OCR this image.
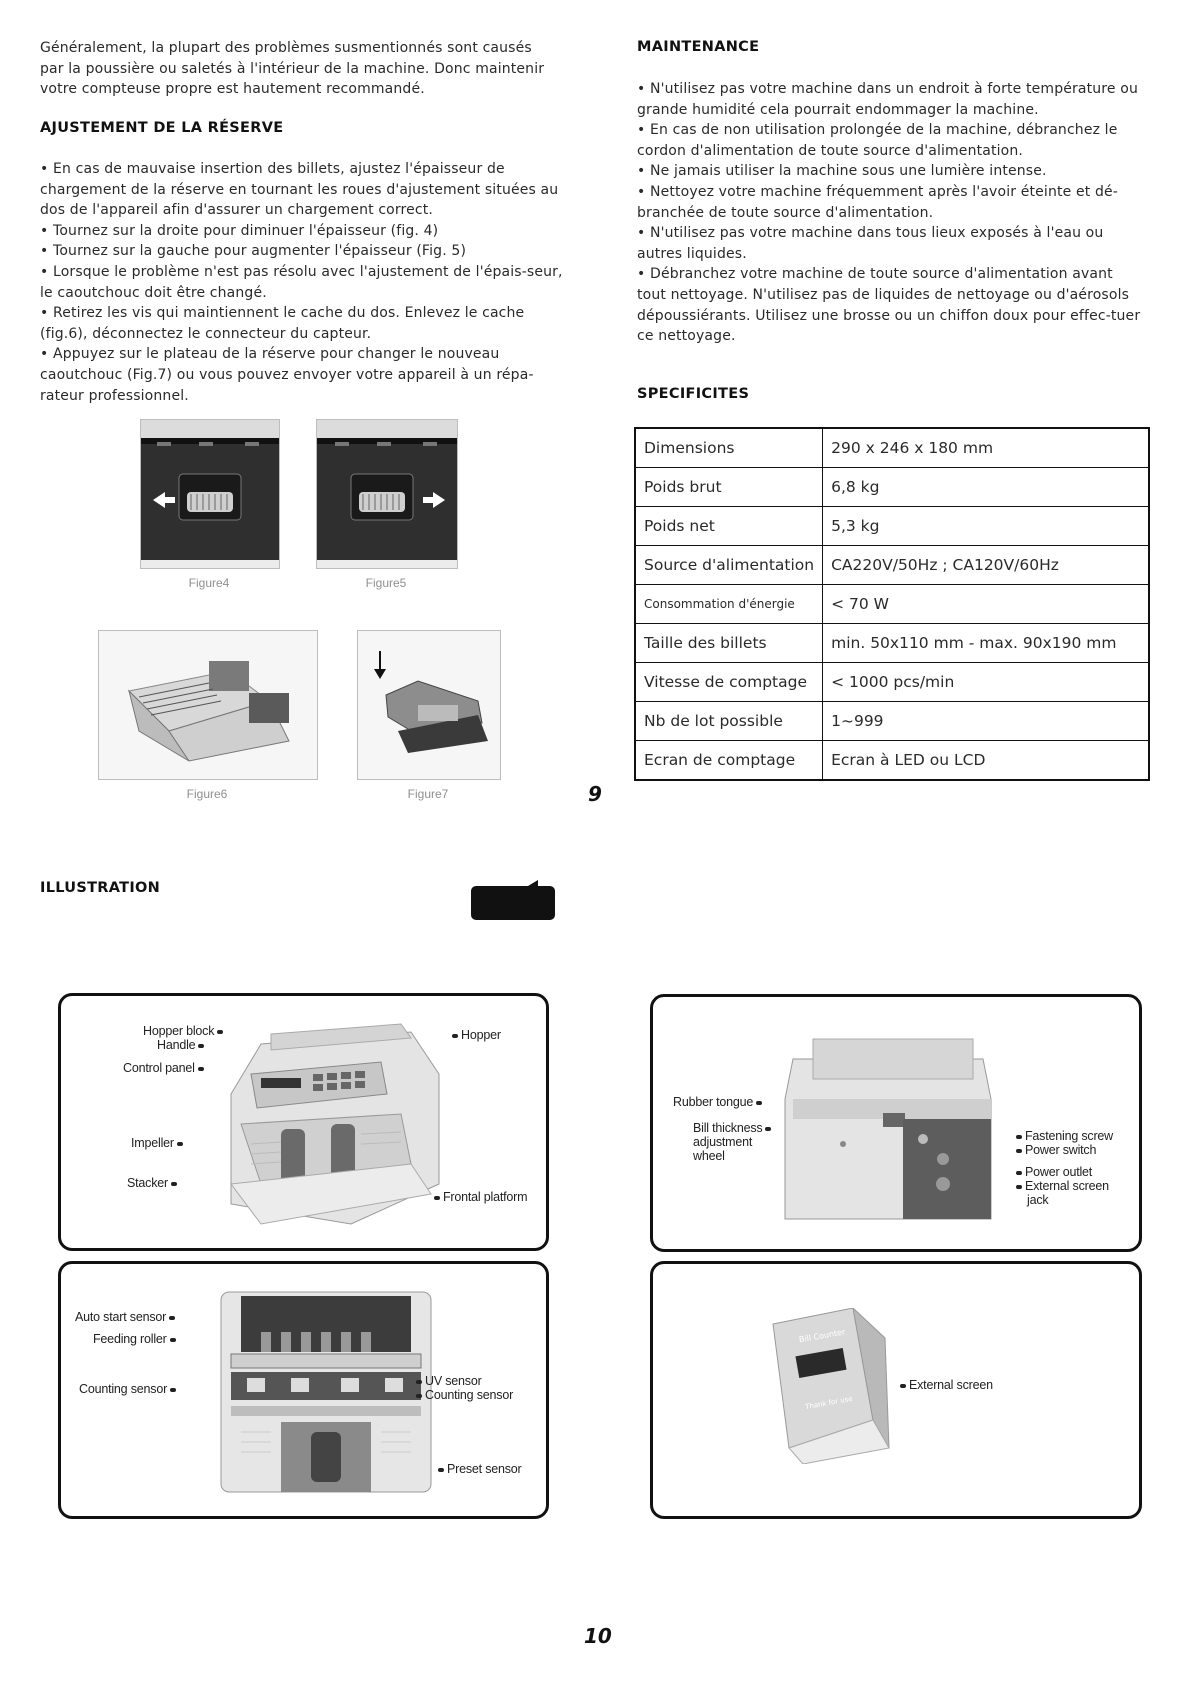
Généralement, la plupart des problèmes susmentionnés sont causés par la poussière ou saletés à l'intérieur de la machine. Donc maintenir votre compteuse propre est hautement recommandé.

AJUSTEMENT DE LA RÉSERVE

• En cas de mauvaise insertion des billets, ajustez l'épaisseur de chargement de la réserve en tournant les roues d'ajustement situées au dos de l'appareil afin d'assurer un chargement correct.

• Tournez sur la droite pour diminuer l'épaisseur (fig. 4)

• Tournez sur la gauche pour augmenter l'épaisseur (Fig. 5)

• Lorsque le problème n'est pas résolu avec l'ajustement de l'épais-seur, le caoutchouc doit être changé.

• Retirez les vis qui maintiennent le cache du dos. Enlevez le cache (fig.6), déconnectez le connecteur du capteur.

• Appuyez sur le plateau de la réserve pour changer le nouveau caoutchouc (Fig.7) ou vous pouvez envoyer votre appareil à un répa-rateur professionnel.

Figure4	Figure5
Figure6	Figure7	9
MAINTENANCE

• N'utilisez pas votre machine dans un endroit à forte température ou grande humidité cela pourrait endommager la machine.

• En cas de non utilisation prolongée de la machine, débranchez le cordon d'alimentation de toute source d'alimentation.

• Ne jamais utiliser la machine sous une lumière intense.

• Nettoyez votre machine fréquemment après l'avoir éteinte et dé-branchée de toute source d'alimentation.

• N'utilisez pas votre machine dans tous lieux exposés à l'eau ou autres liquides.

• Débranchez votre machine de toute source d'alimentation avant tout nettoyage. N'utilisez pas de liquides de nettoyage ou d'aérosols dépoussiérants. Utilisez une brosse ou un chiffon doux pour effec-tuer ce nettoyage.

SPECIFICITES
Dimensions	290 x 246 x 180 mm
Poids brut	6,8 kg
Poids net	5,3 kg
Source d'alimentation	CA220V/50Hz ; CA120V/60Hz
Consommation d'énergie	< 70 W
Taille des billets	min. 50x110 mm - max. 90x190 mm
Vitesse de comptage	< 1000 pcs/min
Nb de lot possible	1~999
Ecran de comptage	Ecran à LED ou LCD
ILLUSTRATION
Hopper block
Handle
Control panel
Impeller
Stacker
Hopper
Frontal platform
Auto start sensor
Feeding roller
Counting sensor
UV sensor
Counting sensor
Preset sensor
Rubber tongue
Bill thickness
adjustment
wheel
Fastening screw
Power switch
Power outlet
External screen
jack
Bill Counter
Thank for use
External screen
10
